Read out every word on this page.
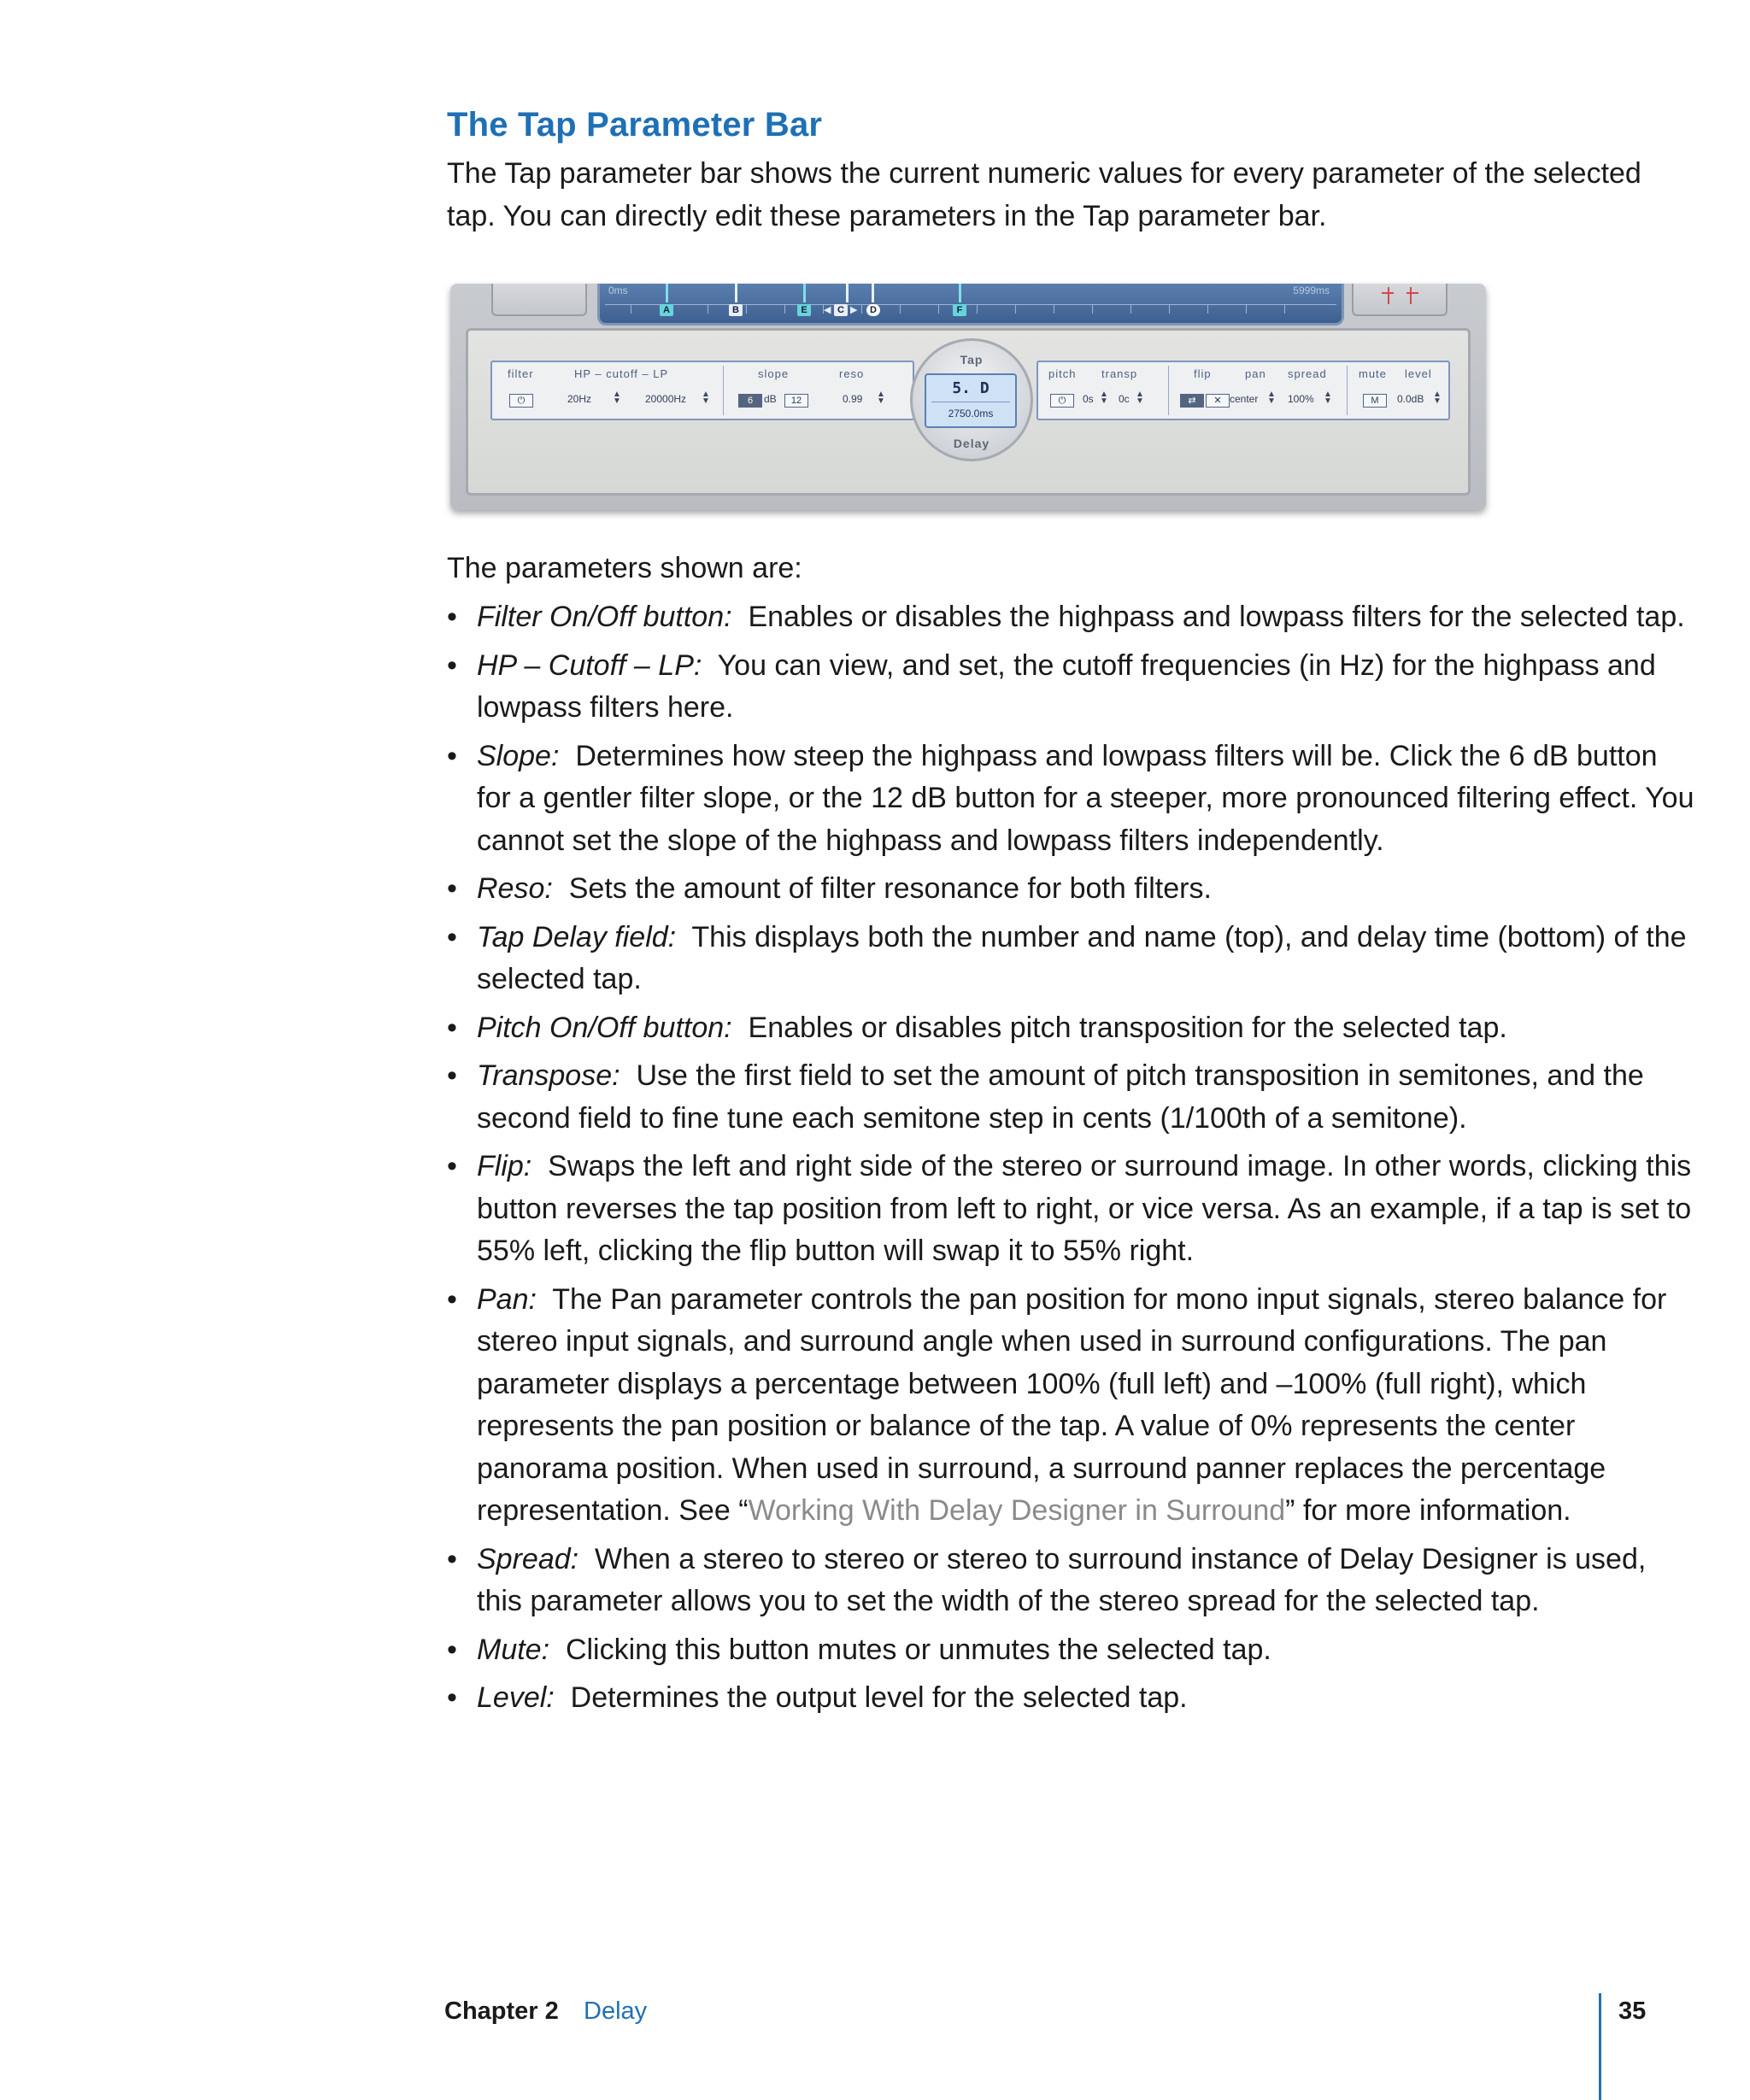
The Tap Parameter Bar

The Tap parameter bar shows the current numeric values for every parameter of the selected tap. You can directly edit these parameters in the Tap parameter bar.

0ms	5999ms
A	B	E	◀ C ▶	D	F
filter	HP – cutoff – LP	slope	reso
⏻	20Hz ▲
▼ 20000Hz ▲
▼	6	dB	12	0.99 ▲
▼
pitch transp	flip	pan spread	mute level
⏻	0s ▲
▼ 0c ▲
▼	⇄	✕ center ▲
▼ 100% ▲
▼	M	0.0dB ▲
▼
Tap
5. D
2750.0ms
Delay

The parameters shown are:

• Filter On/Off button: Enables or disables the highpass and lowpass filters for the selected tap.
• HP – Cutoff – LP: You can view, and set, the cutoff frequencies (in Hz) for the highpass and lowpass filters here.
• Slope: Determines how steep the highpass and lowpass filters will be. Click the 6 dB button for a gentler filter slope, or the 12 dB button for a steeper, more pronounced filtering effect. You cannot set the slope of the highpass and lowpass filters independently.
• Reso: Sets the amount of filter resonance for both filters.
• Tap Delay field: This displays both the number and name (top), and delay time (bottom) of the selected tap.
• Pitch On/Off button: Enables or disables pitch transposition for the selected tap.
• Transpose: Use the first field to set the amount of pitch transposition in semitones, and the second field to fine tune each semitone step in cents (1/100th of a semitone).
• Flip: Swaps the left and right side of the stereo or surround image. In other words, clicking this button reverses the tap position from left to right, or vice versa. As an example, if a tap is set to 55% left, clicking the flip button will swap it to 55% right.
• Pan: The Pan parameter controls the pan position for mono input signals, stereo balance for stereo input signals, and surround angle when used in surround configurations. The pan parameter displays a percentage between 100% (full left) and –100% (full right), which represents the pan position or balance of the tap. A value of 0% represents the center panorama position. When used in surround, a surround panner replaces the percentage representation. See “Working With Delay Designer in Surround” for more information.
• Spread: When a stereo to stereo or stereo to surround instance of Delay Designer is used, this parameter allows you to set the width of the stereo spread for the selected tap.
• Mute: Clicking this button mutes or unmutes the selected tap.
• Level: Determines the output level for the selected tap.
Chapter 2 Delay	35
